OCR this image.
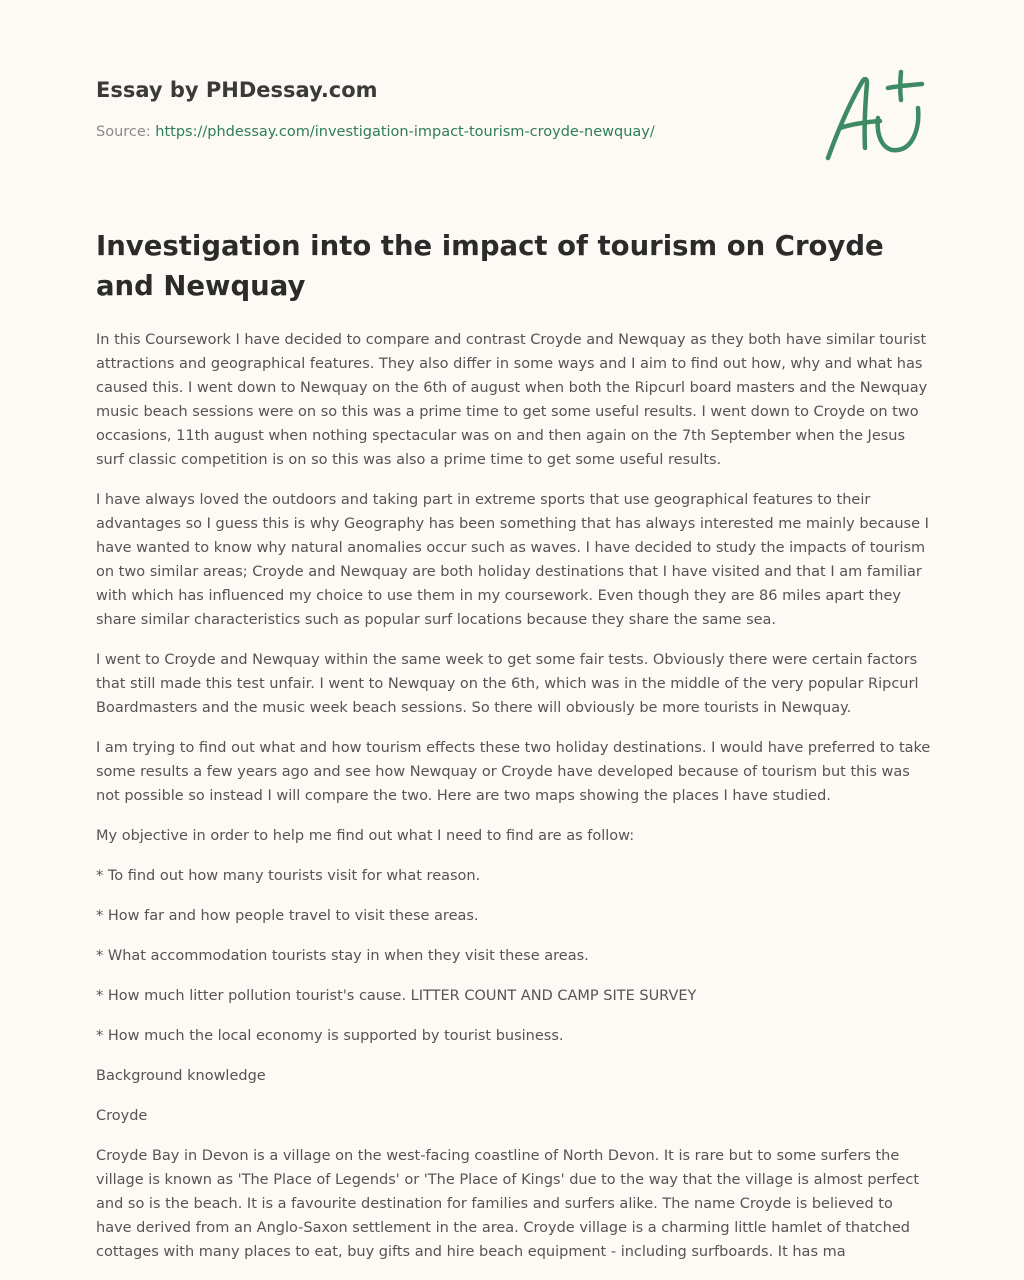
Essay by PHDessay.com
Source: https://phdessay.com/investigation-impact-tourism-croyde-newquay/
Investigation into the impact of tourism on Croyde and Newquay

In this Coursework I have decided to compare and contrast Croyde and Newquay as they both have similar tourist attractions and geographical features. They also differ in some ways and I aim to find out how, why and what has caused this. I went down to Newquay on the 6th of august when both the Ripcurl board masters and the Newquay music beach sessions were on so this was a prime time to get some useful results. I went down to Croyde on two occasions, 11th august when nothing spectacular was on and then again on the 7th September when the Jesus surf classic competition is on so this was also a prime time to get some useful results.

I have always loved the outdoors and taking part in extreme sports that use geographical features to their advantages so I guess this is why Geography has been something that has always interested me mainly because I have wanted to know why natural anomalies occur such as waves. I have decided to study the impacts of tourism on two similar areas; Croyde and Newquay are both holiday destinations that I have visited and that I am familiar with which has influenced my choice to use them in my coursework. Even though they are 86 miles apart they share similar characteristics such as popular surf locations because they share the same sea.

I went to Croyde and Newquay within the same week to get some fair tests. Obviously there were certain factors that still made this test unfair. I went to Newquay on the 6th, which was in the middle of the very popular Ripcurl Boardmasters and the music week beach sessions. So there will obviously be more tourists in Newquay.

I am trying to find out what and how tourism effects these two holiday destinations. I would have preferred to take some results a few years ago and see how Newquay or Croyde have developed because of tourism but this was not possible so instead I will compare the two. Here are two maps showing the places I have studied.

My objective in order to help me find out what I need to find are as follow:

* To find out how many tourists visit for what reason.

* How far and how people travel to visit these areas.

* What accommodation tourists stay in when they visit these areas.

* How much litter pollution tourist's cause. LITTER COUNT AND CAMP SITE SURVEY

* How much the local economy is supported by tourist business.

Background knowledge

Croyde

Croyde Bay in Devon is a village on the west-facing coastline of North Devon. It is rare but to some surfers the village is known as 'The Place of Legends' or 'The Place of Kings' due to the way that the village is almost perfect and so is the beach. It is a favourite destination for families and surfers alike. The name Croyde is believed to have derived from an Anglo-Saxon settlement in the area. Croyde village is a charming little hamlet of thatched cottages with many places to eat, buy gifts and hire beach equipment - including surfboards. It has ma
